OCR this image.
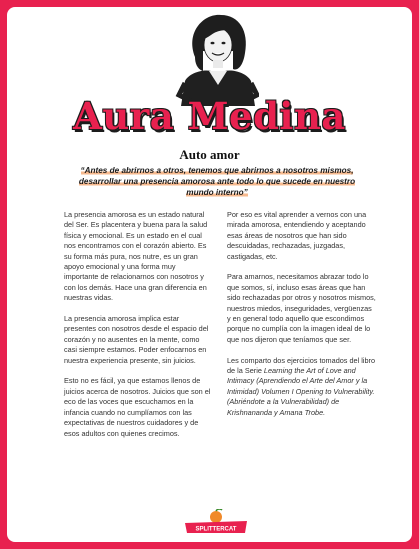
Aura Medina
Auto amor
“Antes de abrirnos a otros, tenemos que abrirnos a nosotros mismos, desarrollar una presencia amorosa ante todo lo que sucede en nuestro mundo interno”

La presencia amorosa es un estado natural del Ser. Es placentera y buena para la salud física y emocional. Es un estado en el cual nos encontramos con el corazón abierto. Es su forma más pura, nos nutre, es un gran apoyo emocional y una forma muy importante de relacionarnos con nosotros y con los demás. Hace una gran diferencia en nuestras vidas.

La presencia amorosa implica estar presentes con nosotros desde el espacio del corazón y no ausentes en la mente, como casi siempre estamos. Poder enfocarnos en nuestra experiencia presente, sin juicios.

Esto no es fácil, ya que estamos llenos de juicios acerca de nosotros. Juicios que son el eco de las voces que escuchamos en la infancia cuando no cumplíamos con las expectativas de nuestros cuidadores y de esos adultos con quienes crecimos.

Por eso es vital aprender a vernos con una mirada amorosa, entendiendo y aceptando esas áreas de nosotros que han sido descuidadas, rechazadas, juzgadas, castigadas, etc.

Para amarnos, necesitamos abrazar todo lo que somos, sí, incluso esas áreas que han sido rechazadas por otros y nosotros mismos, nuestros miedos, inseguridades, vergüenzas y en general todo aquello que escondimos porque no cumplía con la imagen ideal de lo que nos dijeron que teníamos que ser.

Les comparto dos ejercicios tomados del libro de la Serie Learning the Art of Love and Intimacy (Aprendiendo el Arte del Amor y la Intimidad) Volumen I Opening to Vulnerability. (Abriéndote a la Vulnerabilidad) de Krishnananda y Amana Trobe.

SPLITTERCAT
